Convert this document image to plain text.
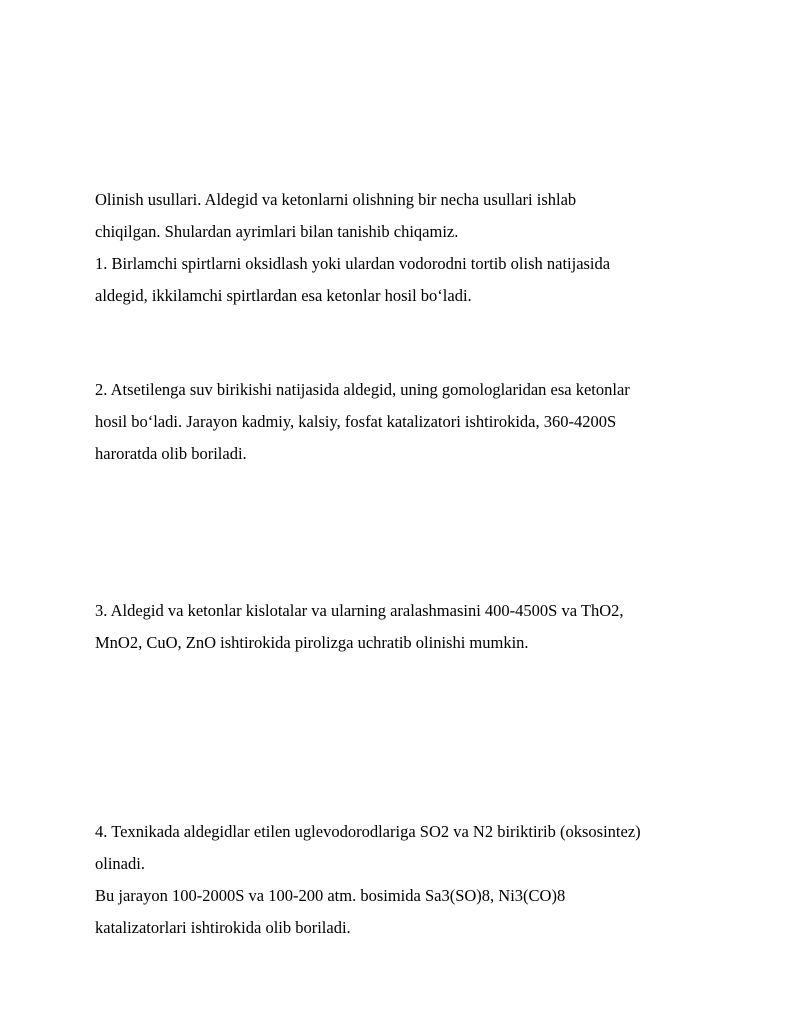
Olinish usullari. Aldegid va ketonlarni olishning bir necha usullari ishlab
chiqilgan. Shulardan ayrimlari bilan tanishib chiqamiz.
1. Birlamchi spirtlarni oksidlash yoki ulardan vodorodni tortib olish natijasida
aldegid, ikkilamchi spirtlardan esa ketonlar hosil bo‘ladi.
2. Atsetilenga suv birikishi natijasida aldegid, uning gomologlaridan esa ketonlar
hosil bo‘ladi. Jarayon kadmiy, kalsiy, fosfat katalizatori ishtirokida, 360-4200S
haroratda olib boriladi.
3. Aldegid va ketonlar kislotalar va ularning aralashmasini 400-4500S va ThO2,
MnO2, CuO, ZnO ishtirokida pirolizga uchratib olinishi mumkin.
4. Texnikada aldegidlar etilen uglevodorodlariga SO2 va N2 biriktirib (oksosintez)
olinadi.
Bu jarayon 100-2000S va 100-200 atm. bosimida Sa3(SO)8, Ni3(CO)8
katalizatorlari ishtirokida olib boriladi.
